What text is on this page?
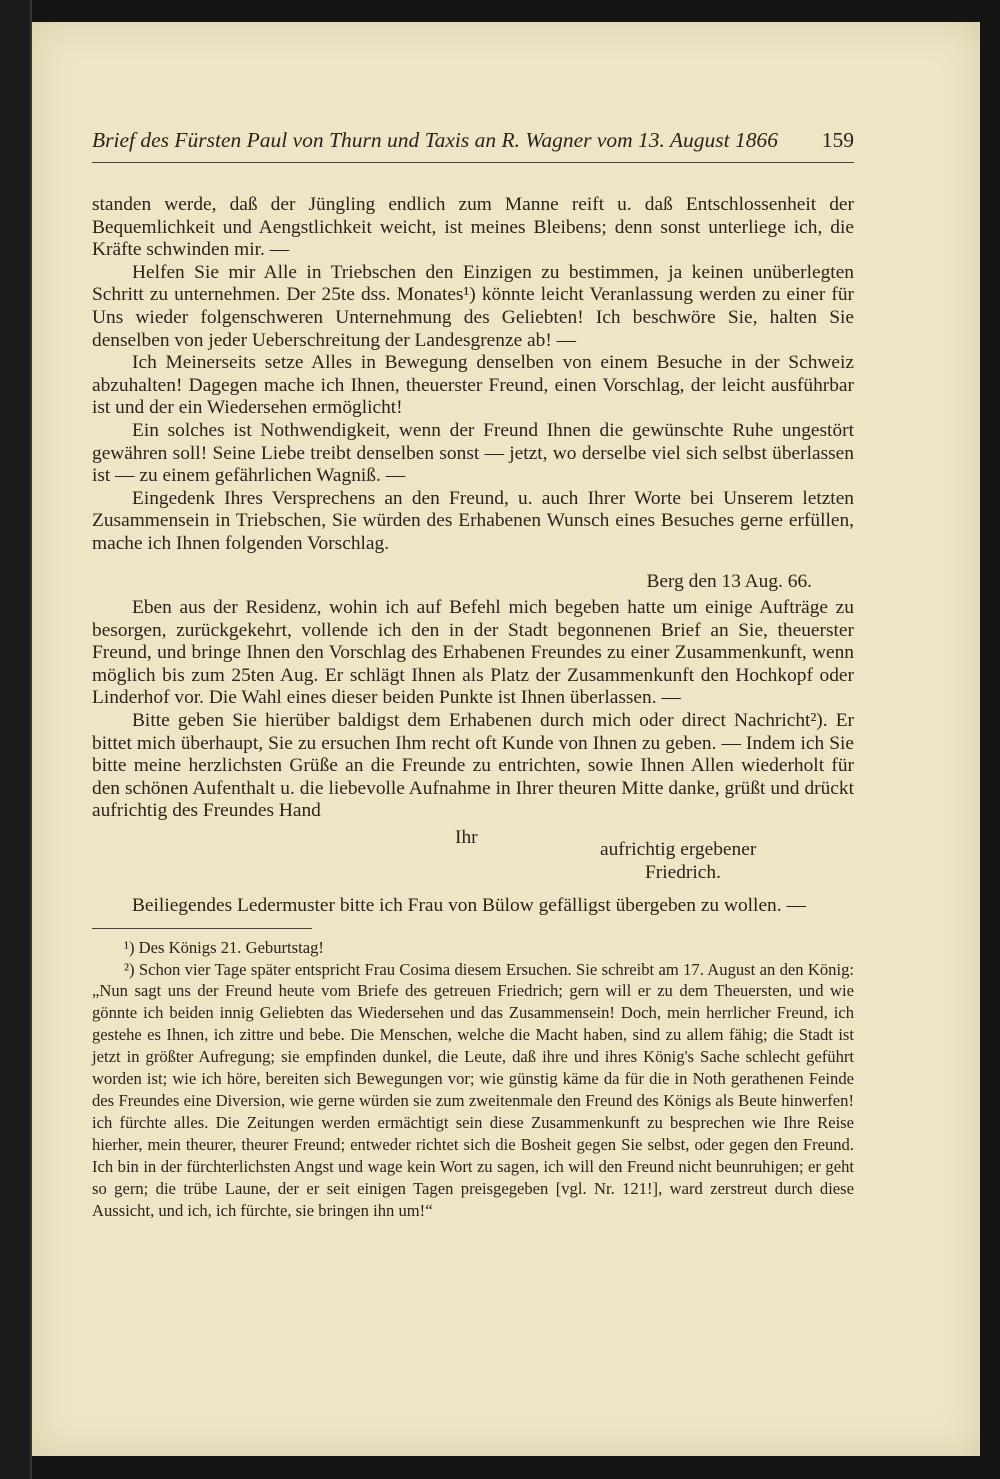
Brief des Fürsten Paul von Thurn und Taxis an R. Wagner vom 13. August 1866 159

standen werde, daß der Jüngling endlich zum Manne reift u. daß Entschlossenheit der Bequemlichkeit und Aengstlichkeit weicht, ist meines Bleibens; denn sonst unterliege ich, die Kräfte schwinden mir. —

Helfen Sie mir Alle in Triebschen den Einzigen zu bestimmen, ja keinen unüberlegten Schritt zu unternehmen. Der 25te dss. Monates¹) könnte leicht Veranlassung werden zu einer für Uns wieder folgenschweren Unternehmung des Geliebten! Ich beschwöre Sie, halten Sie denselben von jeder Ueberschreitung der Landesgrenze ab! —

Ich Meinerseits setze Alles in Bewegung denselben von einem Besuche in der Schweiz abzuhalten! Dagegen mache ich Ihnen, theuerster Freund, einen Vorschlag, der leicht ausführbar ist und der ein Wiedersehen ermöglicht!

Ein solches ist Nothwendigkeit, wenn der Freund Ihnen die gewünschte Ruhe ungestört gewähren soll! Seine Liebe treibt denselben sonst — jetzt, wo derselbe viel sich selbst überlassen ist — zu einem gefährlichen Wagniß. —

Eingedenk Ihres Versprechens an den Freund, u. auch Ihrer Worte bei Unserem letzten Zusammensein in Triebschen, Sie würden des Erhabenen Wunsch eines Besuches gerne erfüllen, mache ich Ihnen folgenden Vorschlag.

Berg den 13 Aug. 66.

Eben aus der Residenz, wohin ich auf Befehl mich begeben hatte um einige Aufträge zu besorgen, zurückgekehrt, vollende ich den in der Stadt begonnenen Brief an Sie, theuerster Freund, und bringe Ihnen den Vorschlag des Erhabenen Freundes zu einer Zusammenkunft, wenn möglich bis zum 25ten Aug. Er schlägt Ihnen als Platz der Zusammenkunft den Hochkopf oder Linderhof vor. Die Wahl eines dieser beiden Punkte ist Ihnen überlassen. —

Bitte geben Sie hierüber baldigst dem Erhabenen durch mich oder direct Nachricht²). Er bittet mich überhaupt, Sie zu ersuchen Ihm recht oft Kunde von Ihnen zu geben. — Indem ich Sie bitte meine herzlichsten Grüße an die Freunde zu entrichten, sowie Ihnen Allen wiederholt für den schönen Aufenthalt u. die liebevolle Aufnahme in Ihrer theuren Mitte danke, grüßt und drückt aufrichtig des Freundes Hand

Ihr
aufrichtig ergebener
Friedrich.

Beiliegendes Ledermuster bitte ich Frau von Bülow gefälligst übergeben zu wollen. —

¹) Des Königs 21. Geburtstag!

²) Schon vier Tage später entspricht Frau Cosima diesem Ersuchen. Sie schreibt am 17. August an den König: „Nun sagt uns der Freund heute vom Briefe des getreuen Friedrich; gern will er zu dem Theuersten, und wie gönnte ich beiden innig Geliebten das Wiedersehen und das Zusammensein! Doch, mein herrlicher Freund, ich gestehe es Ihnen, ich zittre und bebe. Die Menschen, welche die Macht haben, sind zu allem fähig; die Stadt ist jetzt in größter Aufregung; sie empfinden dunkel, die Leute, daß ihre und ihres König's Sache schlecht geführt worden ist; wie ich höre, bereiten sich Bewegungen vor; wie günstig käme da für die in Noth gerathenen Feinde des Freundes eine Diversion, wie gerne würden sie zum zweitenmale den Freund des Königs als Beute hinwerfen! ich fürchte alles. Die Zeitungen werden ermächtigt sein diese Zusammenkunft zu besprechen wie Ihre Reise hierher, mein theurer, theurer Freund; entweder richtet sich die Bosheit gegen Sie selbst, oder gegen den Freund. Ich bin in der fürchterlichsten Angst und wage kein Wort zu sagen, ich will den Freund nicht beunruhigen; er geht so gern; die trübe Laune, der er seit einigen Tagen preisgegeben [vgl. Nr. 121!], ward zerstreut durch diese Aussicht, und ich, ich fürchte, sie bringen ihn um!“
